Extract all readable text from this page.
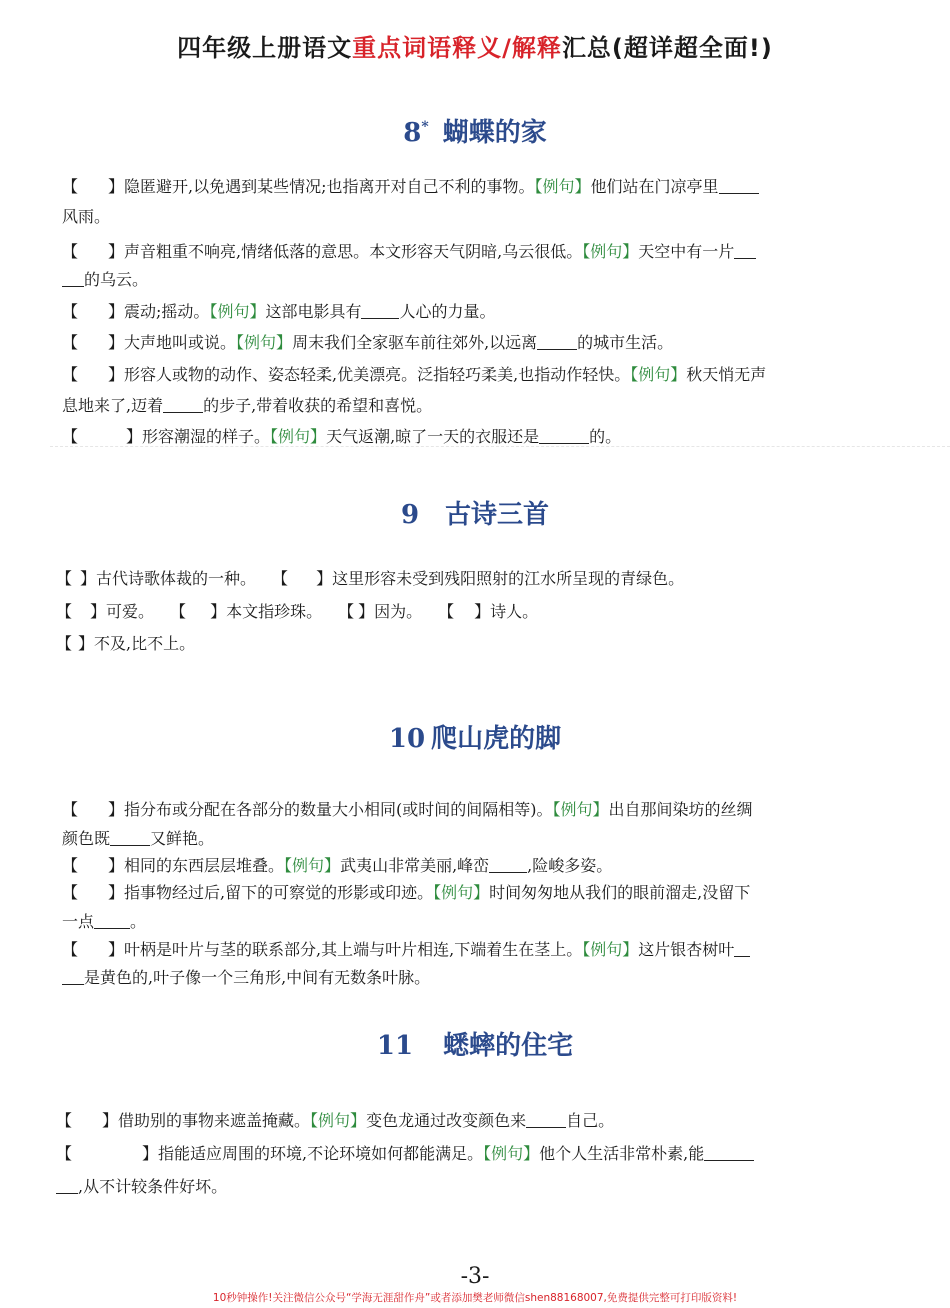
四年级上册语文重点词语释义/解释汇总(超详超全面!)
8* 蝴蝶的家
【 】隐匿避开,以免遇到某些情况;也指离开对自己不利的事物。【例句】他们站在门凉亭里
风雨。
【 】声音粗重不响亮,情绪低落的意思。本文形容天气阴暗,乌云很低。【例句】天空中有一片
的乌云。
【 】震动;摇动。【例句】这部电影具有 人心的力量。
【 】大声地叫或说。【例句】周末我们全家驱车前往郊外,以远离	的城市生活。
【 】形容人或物的动作、姿态轻柔,优美漂亮。泛指轻巧柔美,也指动作轻快。【例句】秋天悄无声
息地来了,迈着	的步子,带着收获的希望和喜悦。
【	】形容潮湿的样子。【例句】天气返潮,晾了一天的衣服还是	的。
9 古诗三首
【 】古代诗歌体裁的一种。 【 】这里形容未受到残阳照射的江水所呈现的青绿色。
【 】可爱。 【 】本文指珍珠。 【 】因为。 【 】诗人。
【 】不及,比不上。
10 爬山虎的脚
【 】指分布或分配在各部分的数量大小相同(或时间的间隔相等)。【例句】出自那间染坊的丝绸
颜色既	又鲜艳。
【 】相同的东西层层堆叠。【例句】武夷山非常美丽,峰峦 ,险峻多姿。
【 】指事物经过后,留下的可察觉的形影或印迹。【例句】时间匆匆地从我们的眼前溜走,没留下
一点 。
【 】叶柄是叶片与茎的联系部分,其上端与叶片相连,下端着生在茎上。【例句】这片银杏树叶
是黄色的,叶子像一个三角形,中间有无数条叶脉。
11 蟋蟀的住宅
【 】借助别的事物来遮盖掩藏。【例句】变色龙通过改变颜色来	自己。
【	】指能适应周围的环境,不论环境如何都能满足。【例句】他个人生活非常朴素,能
,从不计较条件好坏。
-3-
10秒钟操作!关注微信公众号“学海无涯甜作舟”或者添加樊老师微信shen88168007,免费提供完整可打印版资料!
